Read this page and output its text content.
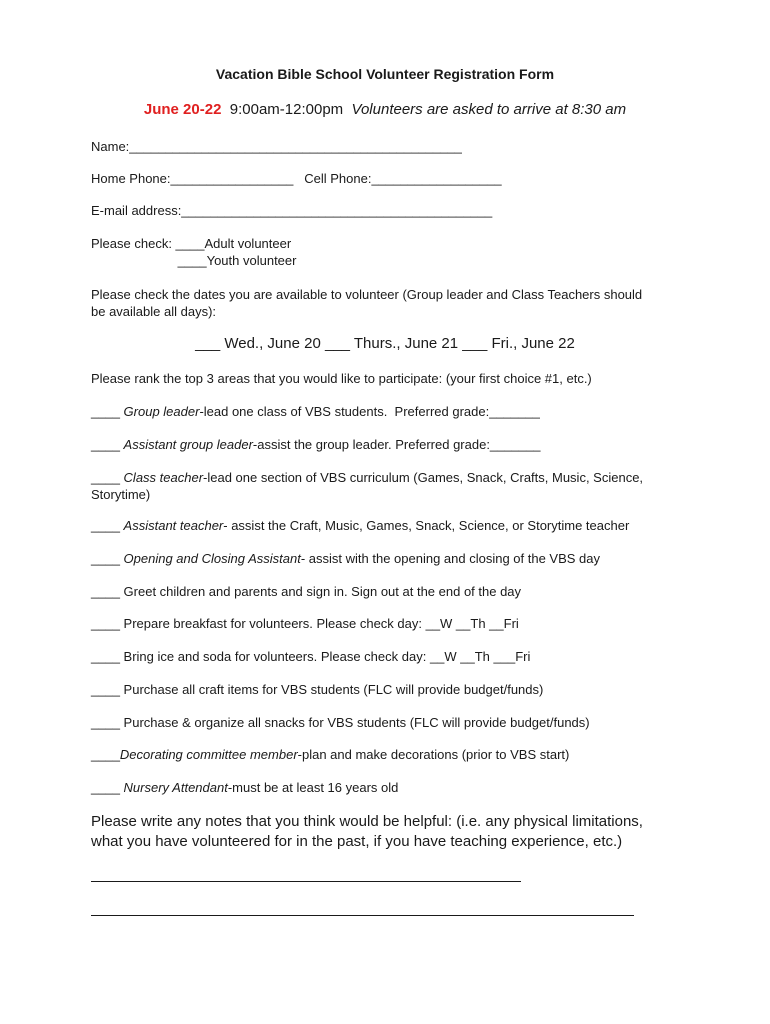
Vacation Bible School Volunteer Registration Form
June 20-22 9:00am-12:00pm Volunteers are asked to arrive at 8:30 am
Name:______________________________________________
Home Phone:_________________   Cell Phone:__________________
E-mail address:___________________________________________
Please check: ____Adult volunteer
____Youth volunteer
Please check the dates you are available to volunteer (Group leader and Class Teachers should
be available all days):
___ Wed., June 20 ___ Thurs., June 21 ___ Fri., June 22
Please rank the top 3 areas that you would like to participate: (your first choice #1, etc.)
____ Group leader-lead one class of VBS students.  Preferred grade:_______
____ Assistant group leader-assist the group leader. Preferred grade:_______
____ Class teacher-lead one section of VBS curriculum (Games, Snack, Crafts, Music, Science,
Storytime)
____ Assistant teacher- assist the Craft, Music, Games, Snack, Science, or Storytime teacher
____ Opening and Closing Assistant- assist with the opening and closing of the VBS day
____ Greet children and parents and sign in. Sign out at the end of the day
____ Prepare breakfast for volunteers. Please check day: __W __Th __Fri
____ Bring ice and soda for volunteers. Please check day: __W __Th ___Fri
____ Purchase all craft items for VBS students (FLC will provide budget/funds)
____ Purchase & organize all snacks for VBS students (FLC will provide budget/funds)
____Decorating committee member-plan and make decorations (prior to VBS start)
____ Nursery Attendant-must be at least 16 years old
Please write any notes that you think would be helpful: (i.e. any physical limitations,
what you have volunteered for in the past, if you have teaching experience, etc.)
